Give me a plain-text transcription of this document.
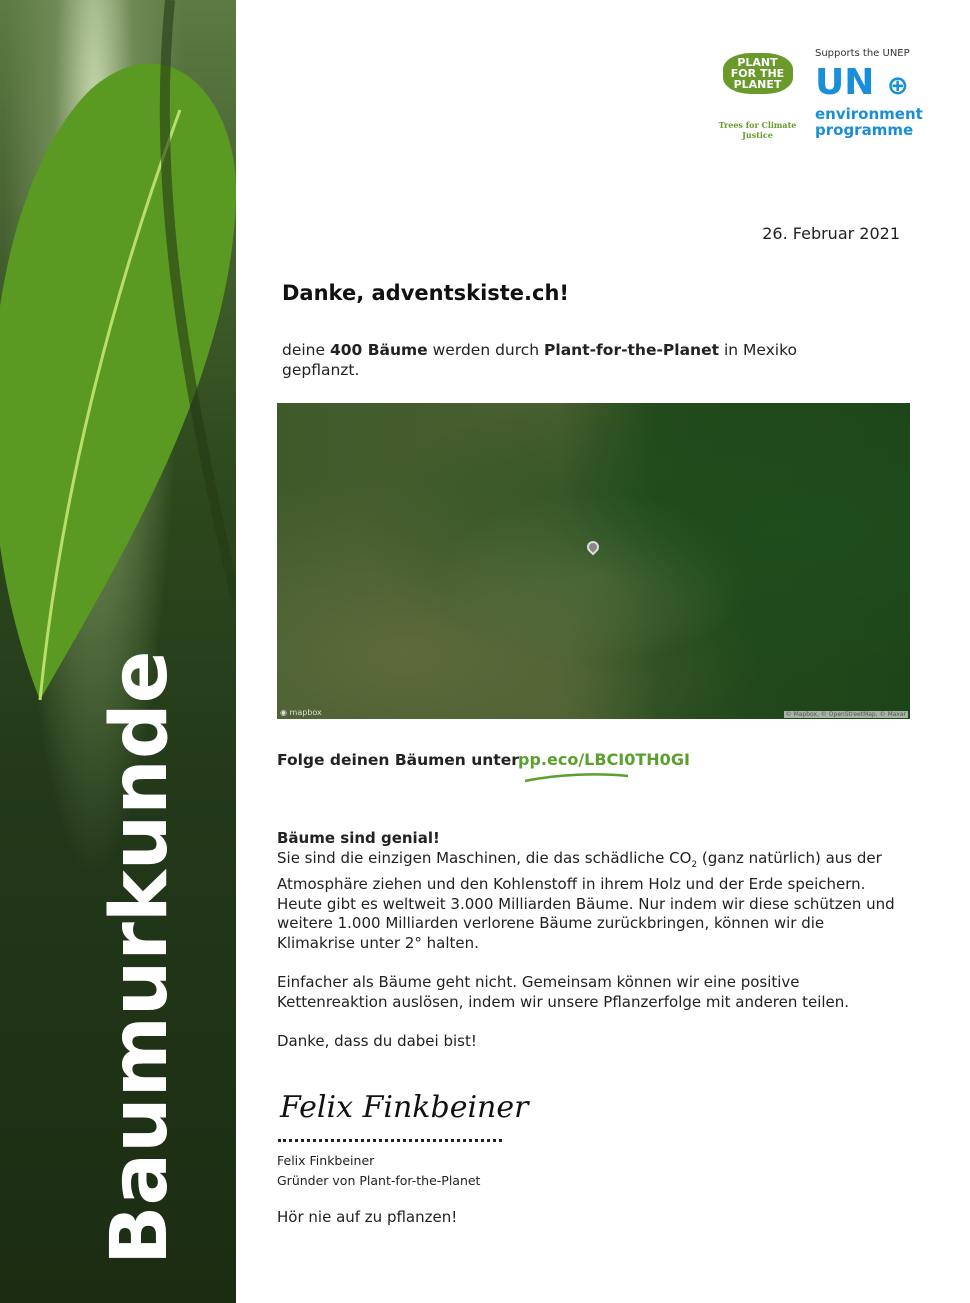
Baumurkunde
PLANT FOR THE PLANET
Trees for Climate Justice
Supports the UNEP
UN ⊕
environment
programme
26. Februar 2021
Danke, adventskiste.ch!
deine 400 Bäume werden durch Plant-for-the-Planet in Mexiko gepflanzt.
◉ mapbox	© Mapbox, © OpenStreetMap, © Maxar
Folge deinen Bäumen unter pp.eco/LBCI0TH0GI
Bäume sind genial!

Sie sind die einzigen Maschinen, die das schädliche $CO_2$ (ganz natürlich) aus der Atmosphäre ziehen und den Kohlenstoff in ihrem Holz und der Erde speichern. Heute gibt es weltweit 3.000 Milliarden Bäume. Nur indem wir diese schützen und weitere 1.000 Milliarden verlorene Bäume zurückbringen, können wir die Klimakrise unter 2° halten.

Einfacher als Bäume geht nicht. Gemeinsam können wir eine positive Kettenreaktion auslösen, indem wir unsere Pflanzerfolge mit anderen teilen.

Danke, dass du dabei bist!

Felix Finkbeiner
Felix Finkbeiner
Gründer von Plant-for-the-Planet
Hör nie auf zu pflanzen!
